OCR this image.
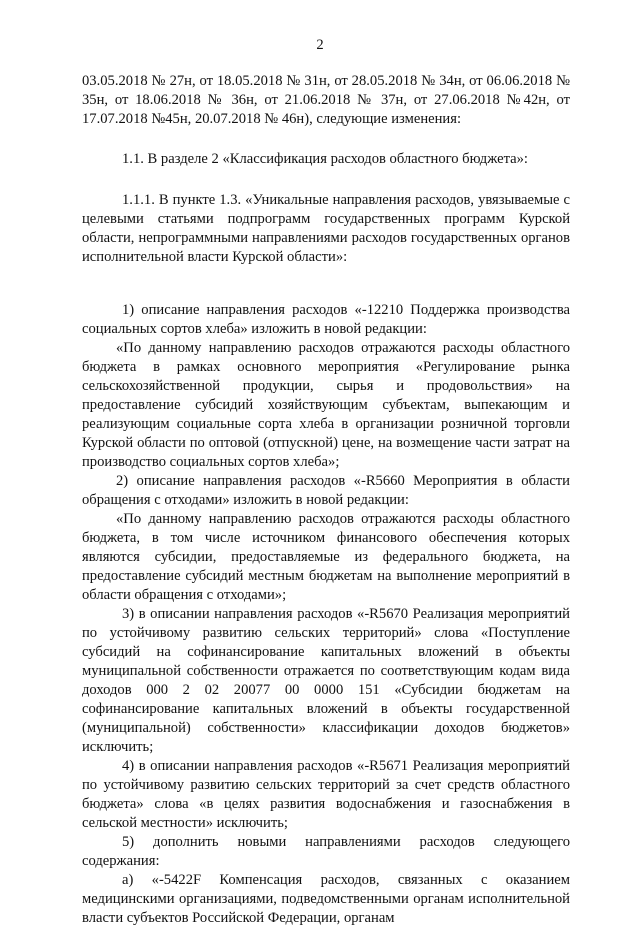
2

03.05.2018 № 27н, от 18.05.2018 № 31н, от 28.05.2018 № 34н, от 06.06.2018 № 35н, от 18.06.2018 № 36н, от 21.06.2018 № 37н, от 27.06.2018 №42н, от 17.07.2018 №45н, 20.07.2018 № 46н), следующие изменения:

1.1. В разделе 2 «Классификация расходов областного бюджета»:

1.1.1. В пункте 1.3. «Уникальные направления расходов, увязываемые с целевыми статьями подпрограмм государственных программ Курской области, непрограммными направлениями расходов государственных органов исполнительной власти Курской области»:

1) описание направления расходов «-12210 Поддержка производства социальных сортов хлеба» изложить в новой редакции:

«По данному направлению расходов отражаются расходы областного бюджета в рамках основного мероприятия «Регулирование рынка сельскохозяйственной продукции, сырья и продовольствия» на предоставление субсидий хозяйствующим субъектам, выпекающим и реализующим социальные сорта хлеба в организации розничной торговли Курской области по оптовой (отпускной) цене, на возмещение части затрат на производство социальных сортов хлеба»;

2) описание направления расходов «-R5660 Мероприятия в области обращения с отходами» изложить в новой редакции:

«По данному направлению расходов отражаются расходы областного бюджета, в том числе источником финансового обеспечения которых являются субсидии, предоставляемые из федерального бюджета, на предоставление субсидий местным бюджетам на выполнение мероприятий в области обращения с отходами»;

3) в описании направления расходов «-R5670 Реализация мероприятий по устойчивому развитию сельских территорий» слова «Поступление субсидий на софинансирование капитальных вложений в объекты муниципальной собственности отражается по соответствующим кодам вида доходов 000 2 02 20077 00 0000 151 «Субсидии бюджетам на софинансирование капитальных вложений в объекты государственной (муниципальной) собственности» классификации доходов бюджетов» исключить;

4) в описании направления расходов «-R5671 Реализация мероприятий по устойчивому развитию сельских территорий за счет средств областного бюджета» слова «в целях развития водоснабжения и газоснабжения в сельской местности» исключить;

5) дополнить новыми направлениями расходов следующего содержания:

а) «-5422F Компенсация расходов, связанных с оказанием медицинскими организациями, подведомственными органам исполнительной власти субъектов Российской Федерации, органам
